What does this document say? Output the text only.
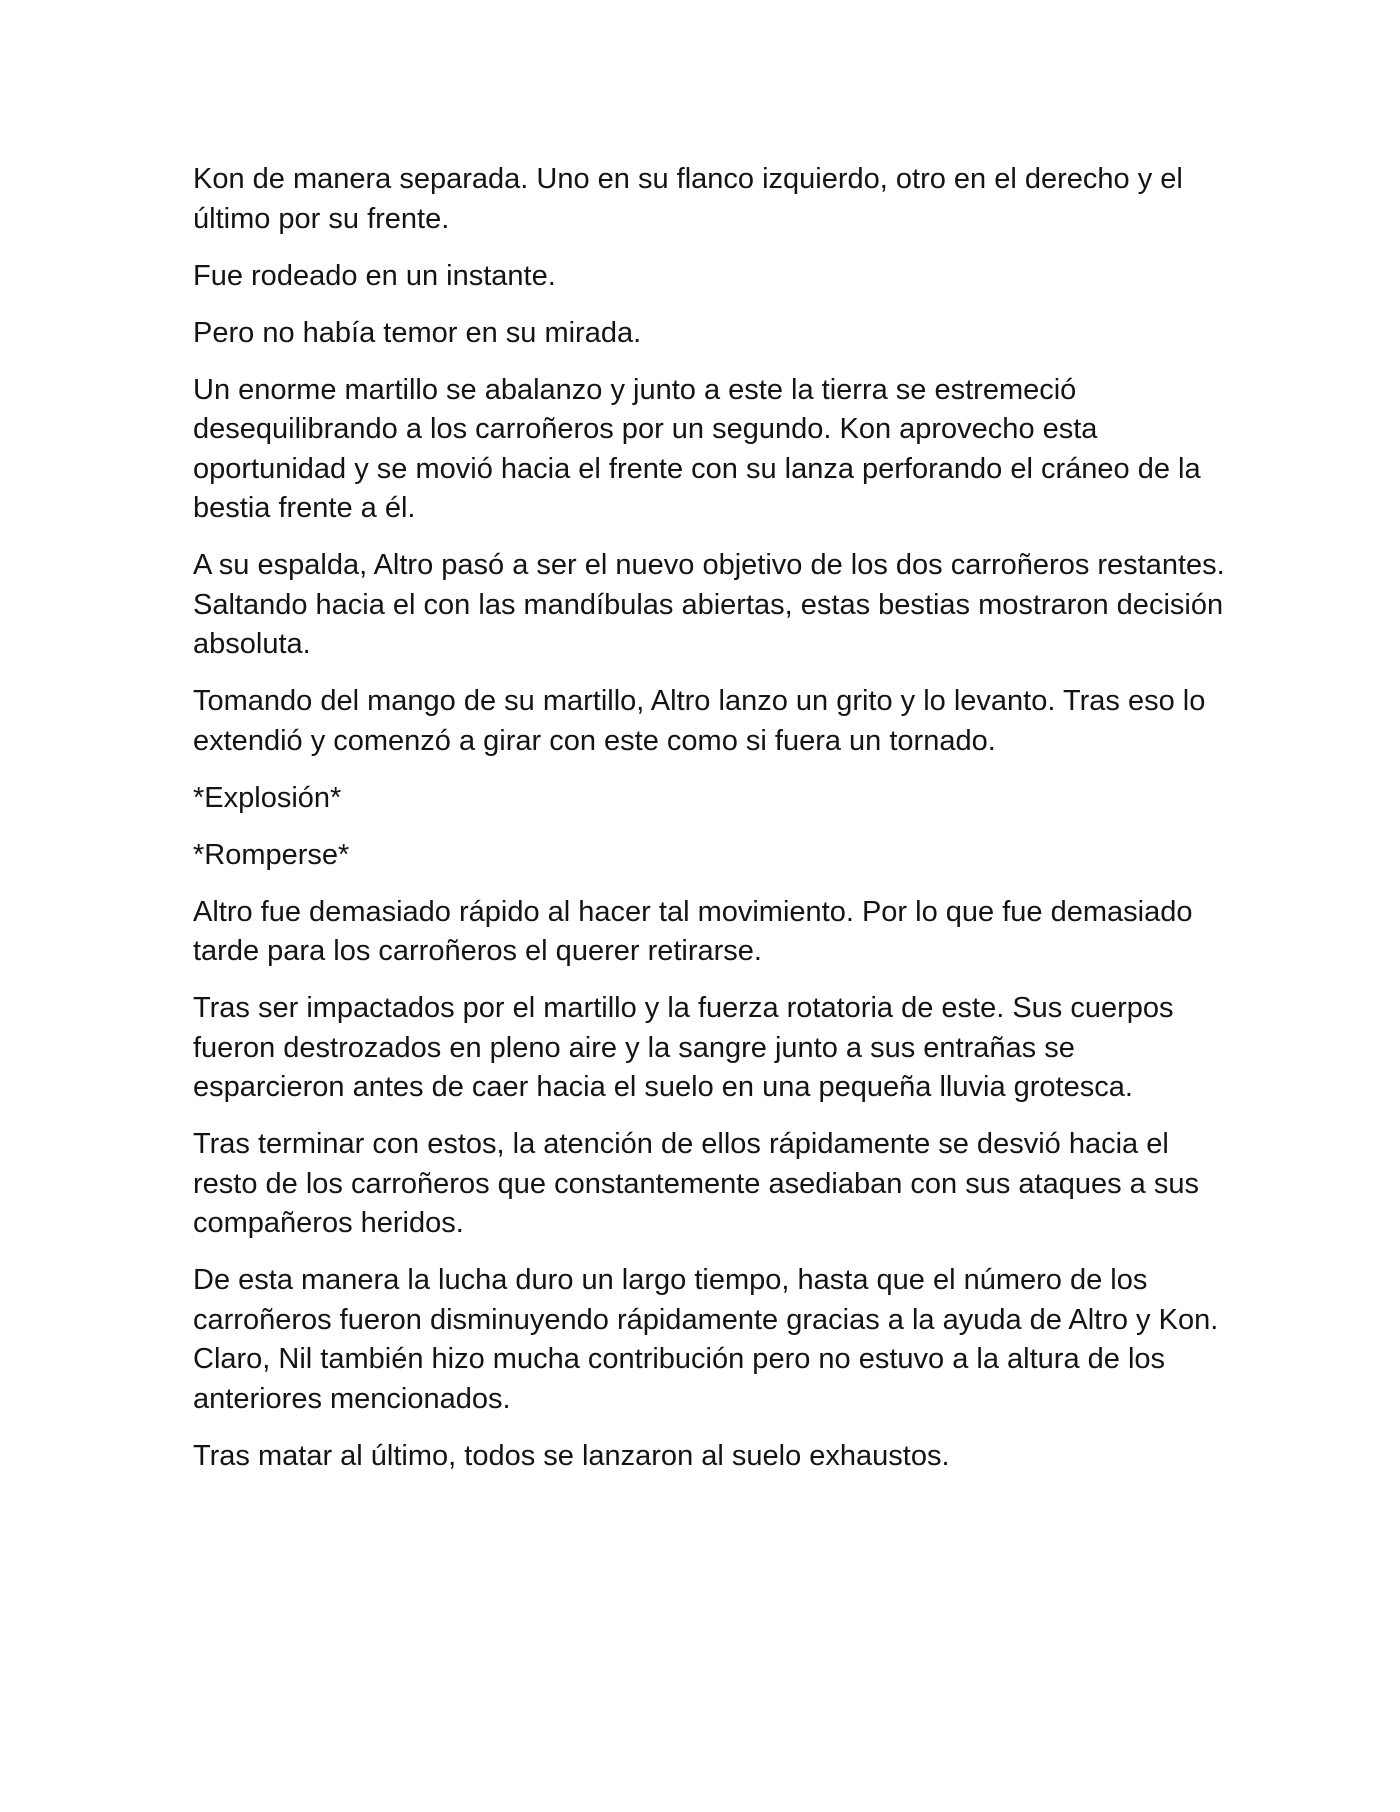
Kon de manera separada. Uno en su flanco izquierdo, otro en el derecho y el último por su frente.

Fue rodeado en un instante.

Pero no había temor en su mirada.

Un enorme martillo se abalanzo y junto a este la tierra se estremeció desequilibrando a los carroñeros por un segundo. Kon aprovecho esta oportunidad y se movió hacia el frente con su lanza perforando el cráneo de la bestia frente a él.

A su espalda, Altro pasó a ser el nuevo objetivo de los dos carroñeros restantes. Saltando hacia el con las mandíbulas abiertas, estas bestias mostraron decisión absoluta.

Tomando del mango de su martillo, Altro lanzo un grito y lo levanto. Tras eso lo extendió y comenzó a girar con este como si fuera un tornado.

*Explosión*

*Romperse*

Altro fue demasiado rápido al hacer tal movimiento. Por lo que fue demasiado tarde para los carroñeros el querer retirarse.

Tras ser impactados por el martillo y la fuerza rotatoria de este. Sus cuerpos fueron destrozados en pleno aire y la sangre junto a sus entrañas se esparcieron antes de caer hacia el suelo en una pequeña lluvia grotesca.

Tras terminar con estos, la atención de ellos rápidamente se desvió hacia el resto de los carroñeros que constantemente asediaban con sus ataques a sus compañeros heridos.

De esta manera la lucha duro un largo tiempo, hasta que el número de los carroñeros fueron disminuyendo rápidamente gracias a la ayuda de Altro y Kon. Claro, Nil también hizo mucha contribución pero no estuvo a la altura de los anteriores mencionados.

Tras matar al último, todos se lanzaron al suelo exhaustos.
